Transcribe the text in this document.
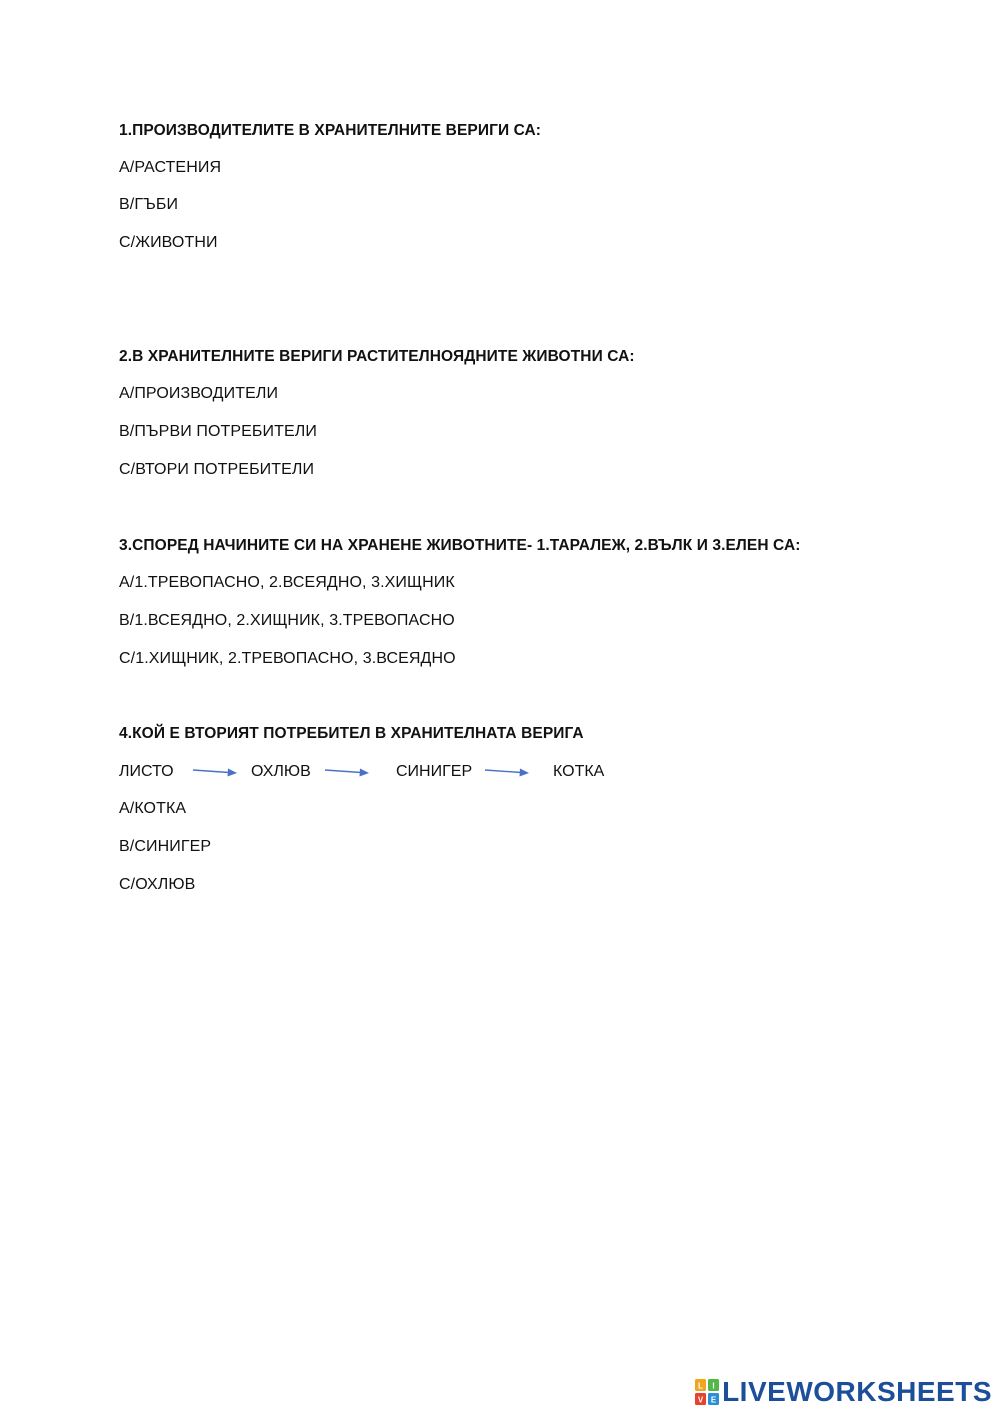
1.ПРОИЗВОДИТЕЛИТЕ В ХРАНИТЕЛНИТЕ ВЕРИГИ СА:
А/РАСТЕНИЯ
В/ГЪБИ
С/ЖИВОТНИ
2.В ХРАНИТЕЛНИТЕ ВЕРИГИ РАСТИТЕЛНОЯДНИТЕ ЖИВОТНИ СА:
А/ПРОИЗВОДИТЕЛИ
В/ПЪРВИ ПОТРЕБИТЕЛИ
С/ВТОРИ ПОТРЕБИТЕЛИ
3.СПОРЕД НАЧИНИТЕ СИ НА ХРАНЕНЕ ЖИВОТНИТЕ- 1.ТАРАЛЕЖ, 2.ВЪЛК И 3.ЕЛЕН СА:
А/1.ТРЕВОПАСНО, 2.ВСЕЯДНО, 3.ХИЩНИК
В/1.ВСЕЯДНО, 2.ХИЩНИК, 3.ТРЕВОПАСНО
С/1.ХИЩНИК, 2.ТРЕВОПАСНО, 3.ВСЕЯДНО
4.КОЙ Е ВТОРИЯТ ПОТРЕБИТЕЛ В ХРАНИТЕЛНАТА ВЕРИГА
ЛИСТО	ОХЛЮВ	СИНИГЕР	КОТКА
А/КОТКА
В/СИНИГЕР
С/ОХЛЮВ
L I
V E LIVEWORKSHEETS
